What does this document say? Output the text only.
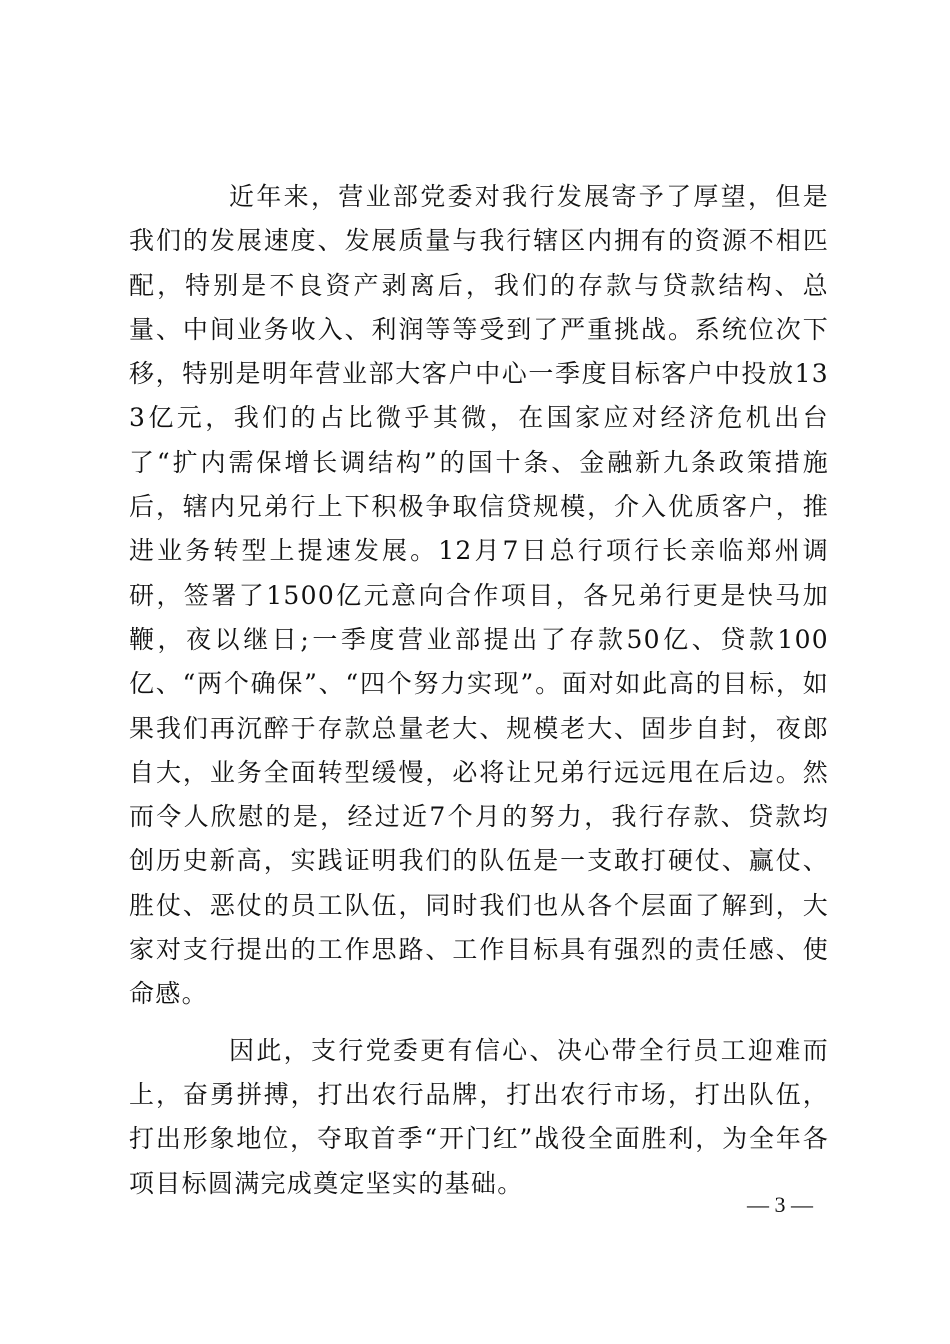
近年来，营业部党委对我行发展寄予了厚望，但是我们的发展速度、发展质量与我行辖区内拥有的资源不相匹配，特别是不良资产剥离后，我们的存款与贷款结构、总量、中间业务收入、利润等等受到了严重挑战。系统位次下移，特别是明年营业部大客户中心一季度目标客户中投放133亿元，我们的占比微乎其微，在国家应对经济危机出台了“扩内需保增长调结构”的国十条、金融新九条政策措施后，辖内兄弟行上下积极争取信贷规模，介入优质客户，推进业务转型上提速发展。12月7日总行项行长亲临郑州调研，签署了1500亿元意向合作项目，各兄弟行更是快马加鞭，夜以继日;一季度营业部提出了存款50亿、贷款100亿、“两个确保”、“四个努力实现”。面对如此高的目标，如果我们再沉醉于存款总量老大、规模老大、固步自封，夜郎自大，业务全面转型缓慢，必将让兄弟行远远甩在后边。然而令人欣慰的是，经过近7个月的努力，我行存款、贷款均创历史新高，实践证明我们的队伍是一支敢打硬仗、赢仗、胜仗、恶仗的员工队伍，同时我们也从各个层面了解到，大家对支行提出的工作思路、工作目标具有强烈的责任感、使命感。

因此，支行党委更有信心、决心带全行员工迎难而上，奋勇拼搏，打出农行品牌，打出农行市场，打出队伍，打出形象地位，夺取首季“开门红”战役全面胜利，为全年各项目标圆满完成奠定坚实的基础。

— 3 —
